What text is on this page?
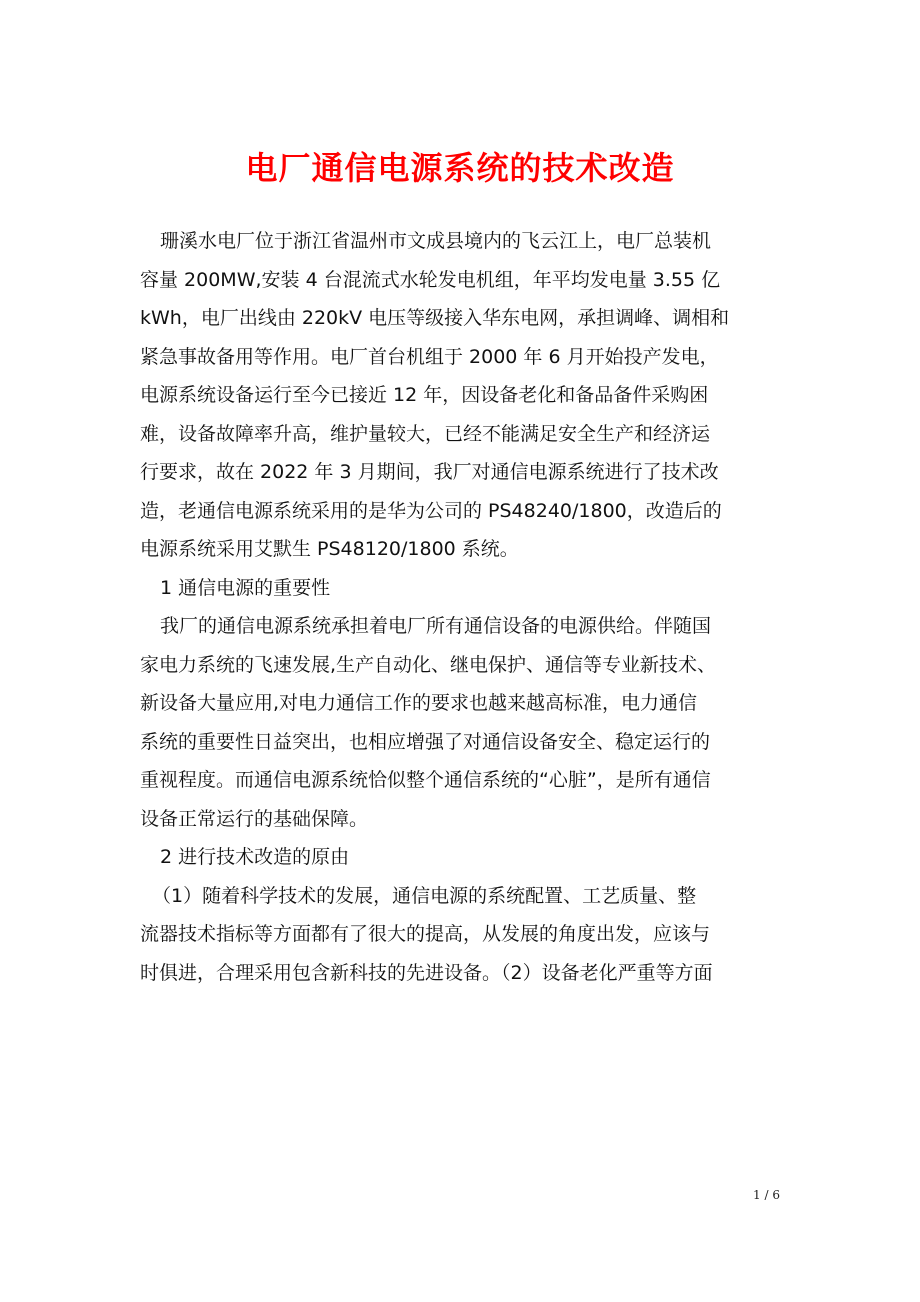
电厂通信电源系统的技术改造
珊溪水电厂位于浙江省温州市文成县境内的飞云江上，电厂总装机
容量 200MW,安装 4 台混流式水轮发电机组，年平均发电量 3.55 亿
kWh，电厂出线由 220kV 电压等级接入华东电网，承担调峰、调相和
紧急事故备用等作用。电厂首台机组于 2000 年 6 月开始投产发电，
电源系统设备运行至今已接近 12 年，因设备老化和备品备件采购困
难，设备故障率升高，维护量较大，已经不能满足安全生产和经济运
行要求，故在 2022 年 3 月期间，我厂对通信电源系统进行了技术改
造，老通信电源系统采用的是华为公司的 PS48240/1800，改造后的
电源系统采用艾默生 PS48120/1800 系统。
1 通信电源的重要性
我厂的通信电源系统承担着电厂所有通信设备的电源供给。伴随国
家电力系统的飞速发展,生产自动化、继电保护、通信等专业新技术、
新设备大量应用,对电力通信工作的要求也越来越高标准，电力通信
系统的重要性日益突出，也相应增强了对通信设备安全、稳定运行的
重视程度。而通信电源系统恰似整个通信系统的“心脏”，是所有通信
设备正常运行的基础保障。
2 进行技术改造的原由
（1）随着科学技术的发展，通信电源的系统配置、工艺质量、整
流器技术指标等方面都有了很大的提高，从发展的角度出发，应该与
时俱进，合理采用包含新科技的先进设备。（2）设备老化严重等方面
1 / 6
